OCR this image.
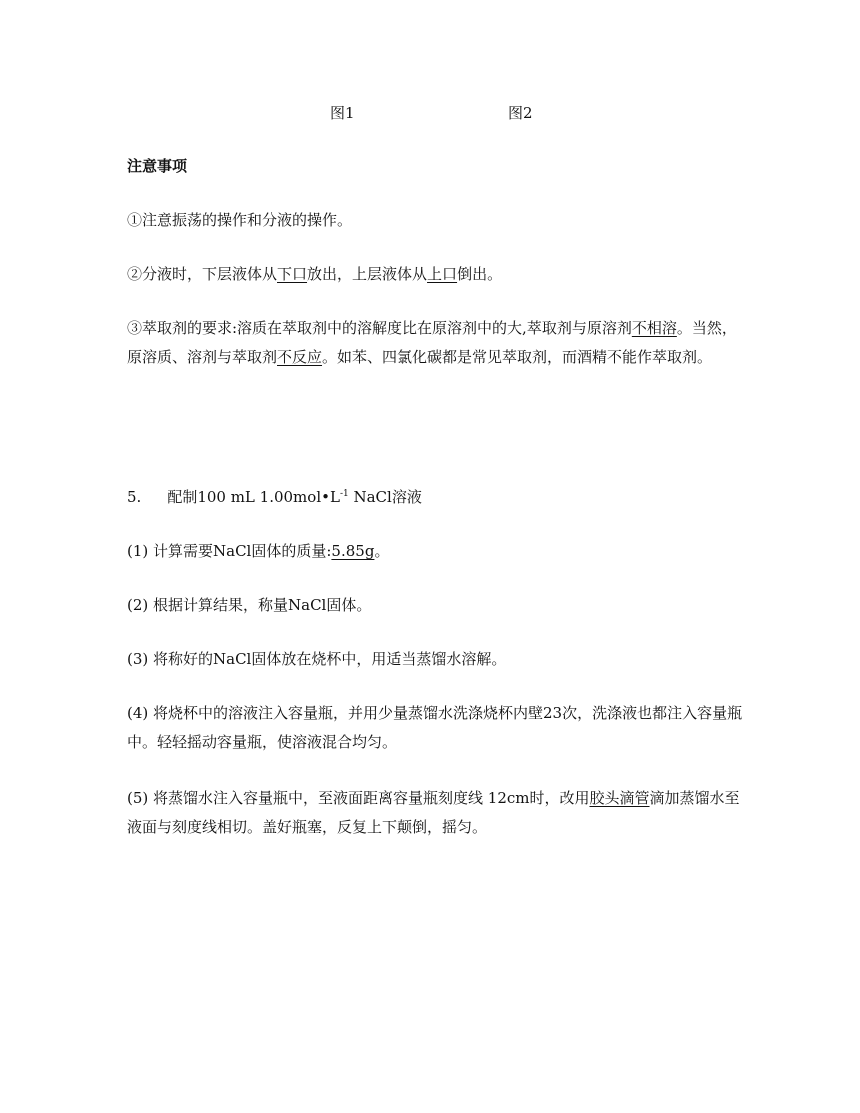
图1	图2

注意事项

①注意振荡的操作和分液的操作。

②分液时，下层液体从下口放出，上层液体从上口倒出。

③萃取剂的要求:溶质在萃取剂中的溶解度比在原溶剂中的大,萃取剂与原溶剂不相溶。当然，原溶质、溶剂与萃取剂不反应。如苯、四氯化碳都是常见萃取剂，而酒精不能作萃取剂。

5. 配制100 mL $1.00mol•L^{-1}$ NaCl溶液

(1) 计算需要NaCl固体的质量:5.85g。

(2) 根据计算结果，称量NaCl固体。

(3) 将称好的NaCl固体放在烧杯中，用适当蒸馏水溶解。

(4) 将烧杯中的溶液注入容量瓶，并用少量蒸馏水洗涤烧杯内壁23次，洗涤液也都注入容量瓶中。轻轻摇动容量瓶，使溶液混合均匀。

(5) 将蒸馏水注入容量瓶中，至液面距离容量瓶刻度线 12cm时，改用胶头滴管滴加蒸馏水至液面与刻度线相切。盖好瓶塞，反复上下颠倒，摇匀。
